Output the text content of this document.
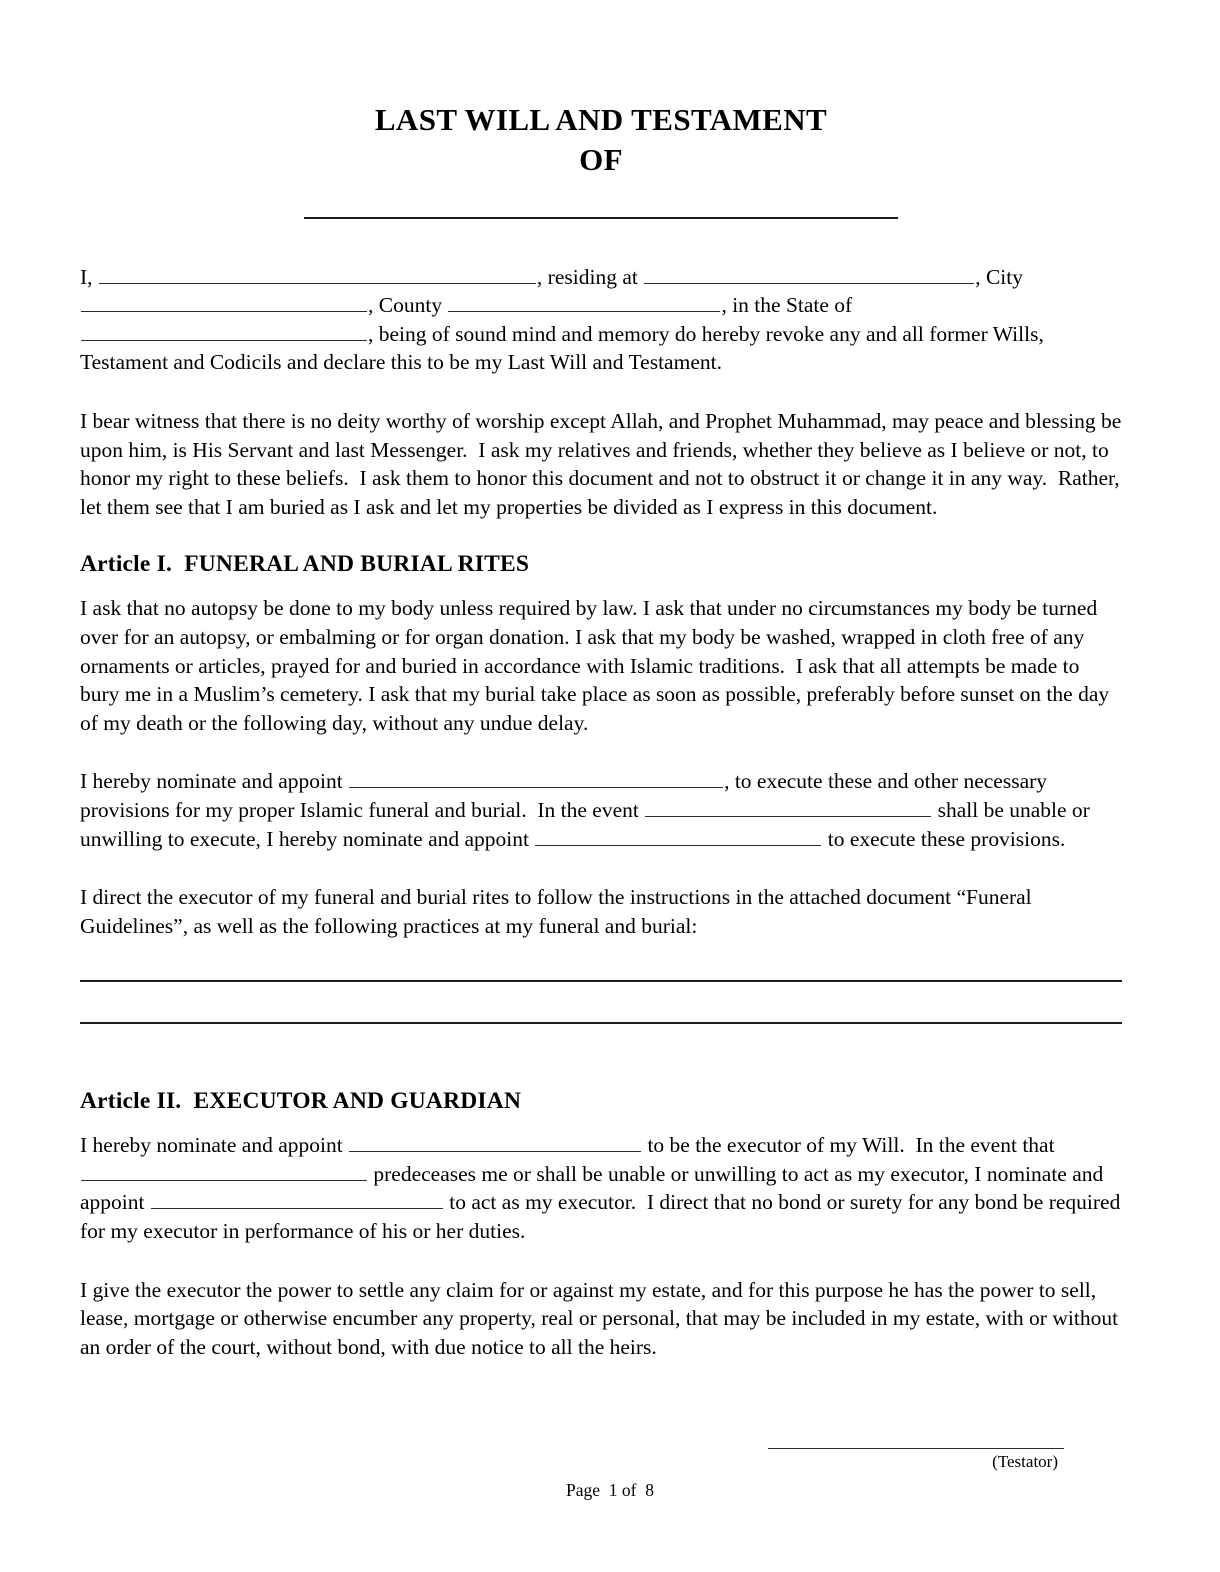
LAST WILL AND TESTAMENT
OF

I,	, residing at	, City
, County	, in the State of
, being of sound mind and memory do hereby revoke any and all former Wills,
Testament and Codicils and declare this to be my Last Will and Testament.

I bear witness that there is no deity worthy of worship except Allah, and Prophet Muhammad, may peace and blessing be upon him, is His Servant and last Messenger.  I ask my relatives and friends, whether they believe as I believe or not, to honor my right to these beliefs.  I ask them to honor this document and not to obstruct it or change it in any way.  Rather, let them see that I am buried as I ask and let my properties be divided as I express in this document.

Article I.  FUNERAL AND BURIAL RITES

I ask that no autopsy be done to my body unless required by law. I ask that under no circumstances my body be turned over for an autopsy, or embalming or for organ donation. I ask that my body be washed, wrapped in cloth free of any ornaments or articles, prayed for and buried in accordance with Islamic traditions.  I ask that all attempts be made to bury me in a Muslim’s cemetery. I ask that my burial take place as soon as possible, preferably before sunset on the day of my death or the following day, without any undue delay.

I hereby nominate and appoint	, to execute these and other necessary provisions for my proper Islamic funeral and burial.  In the event	shall be unable or unwilling to execute, I hereby nominate and appoint	to execute these provisions.

I direct the executor of my funeral and burial rites to follow the instructions in the attached document “Funeral Guidelines”, as well as the following practices at my funeral and burial:

Article II.  EXECUTOR AND GUARDIAN

I hereby nominate and appoint	to be the executor of my Will.  In the event that  predeceases me or shall be unable or unwilling to act as my executor, I nominate and appoint	to act as my executor.  I direct that no bond or surety for any bond be required for my executor in performance of his or her duties.

I give the executor the power to settle any claim for or against my estate, and for this purpose he has the power to sell, lease, mortgage or otherwise encumber any property, real or personal, that may be included in my estate, with or without an order of the court, without bond, with due notice to all the heirs.

(Testator)
Page  1 of  8
